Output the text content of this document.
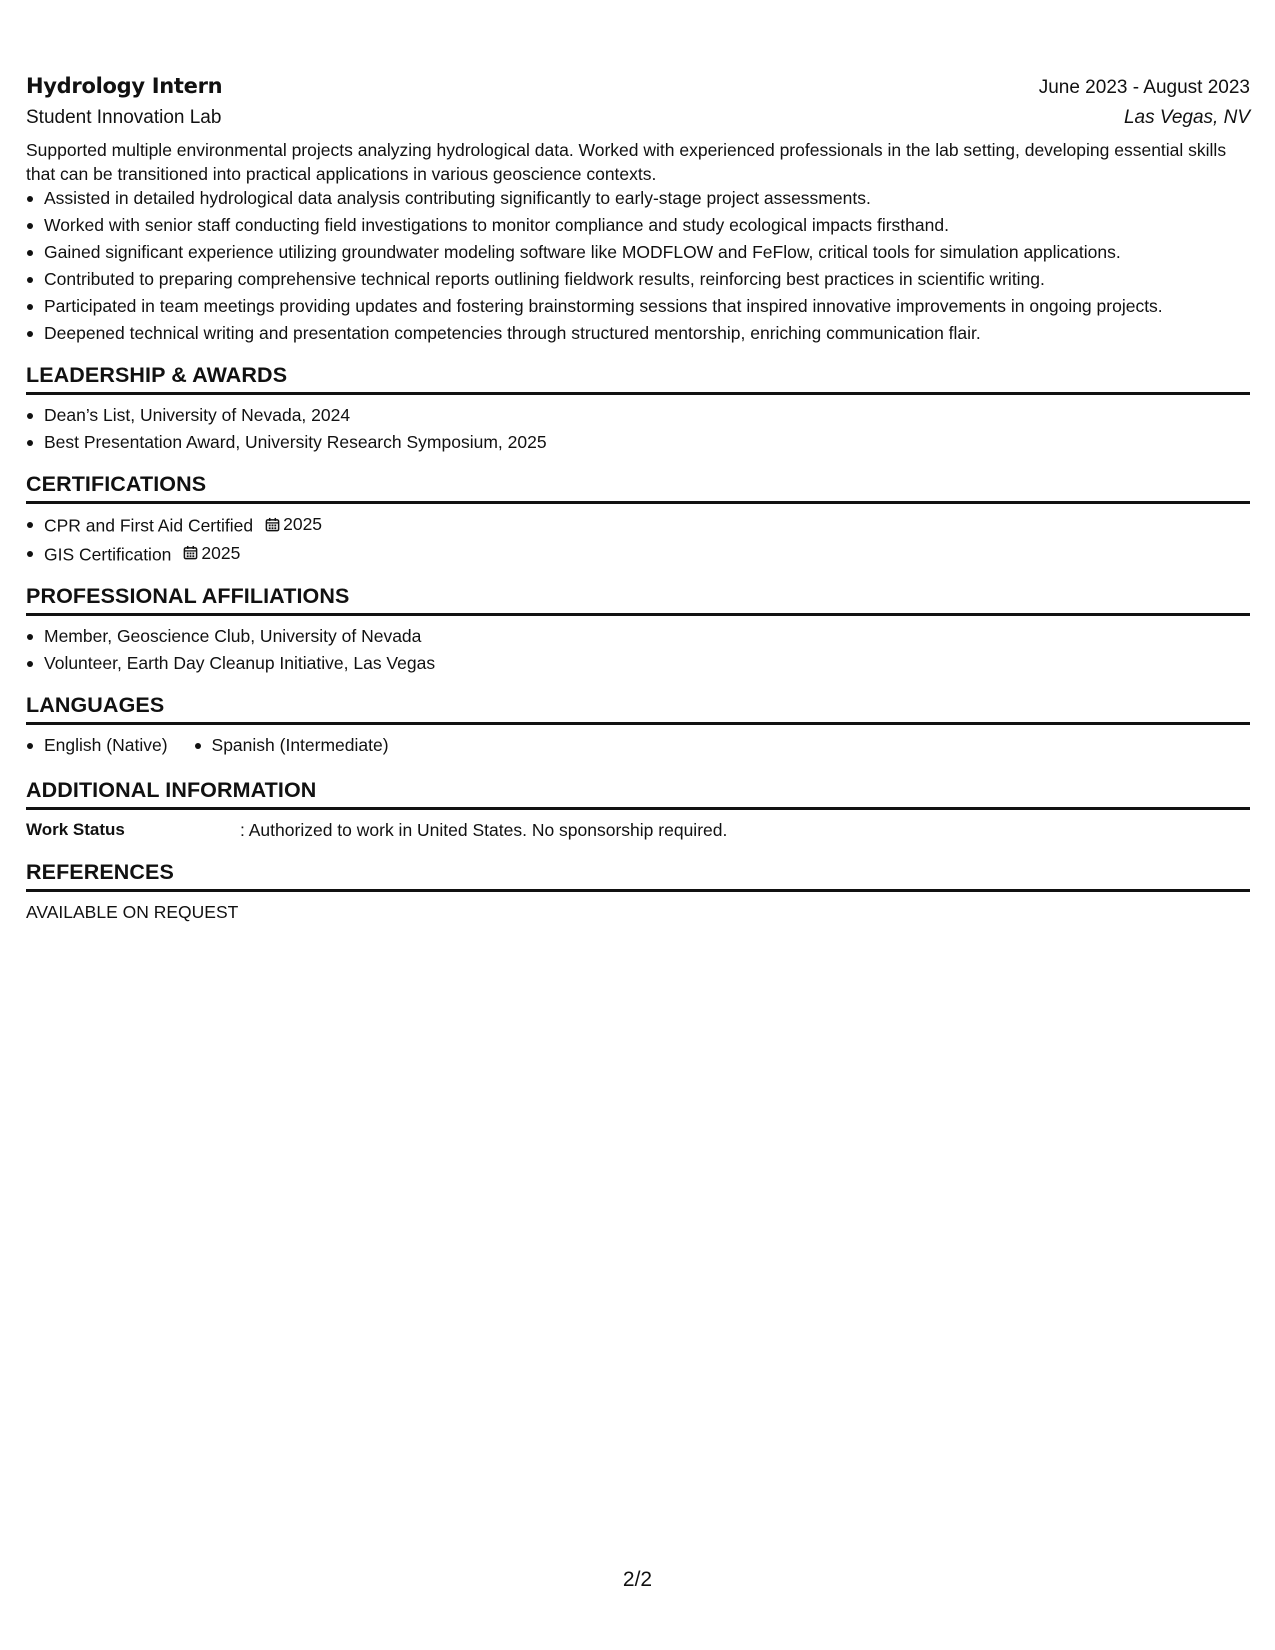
Hydrology Intern	June 2023 - August 2023
Student Innovation Lab	Las Vegas, NV
Supported multiple environmental projects analyzing hydrological data. Worked with experienced professionals in the lab setting, developing essential skills that can be transitioned into practical applications in various geoscience contexts.
Assisted in detailed hydrological data analysis contributing significantly to early-stage project assessments.
Worked with senior staff conducting field investigations to monitor compliance and study ecological impacts firsthand.
Gained significant experience utilizing groundwater modeling software like MODFLOW and FeFlow, critical tools for simulation applications.
Contributed to preparing comprehensive technical reports outlining fieldwork results, reinforcing best practices in scientific writing.
Participated in team meetings providing updates and fostering brainstorming sessions that inspired innovative improvements in ongoing projects.
Deepened technical writing and presentation competencies through structured mentorship, enriching communication flair.
LEADERSHIP & AWARDS
Dean’s List, University of Nevada, 2024
Best Presentation Award, University Research Symposium, 2025
CERTIFICATIONS
CPR and First Aid Certified 2025
GIS Certification 2025
PROFESSIONAL AFFILIATIONS
Member, Geoscience Club, University of Nevada
Volunteer, Earth Day Cleanup Initiative, Las Vegas
LANGUAGES
English (Native)	Spanish (Intermediate)
ADDITIONAL INFORMATION
Work Status	: Authorized to work in United States. No sponsorship required.
REFERENCES
AVAILABLE ON REQUEST
2/2
